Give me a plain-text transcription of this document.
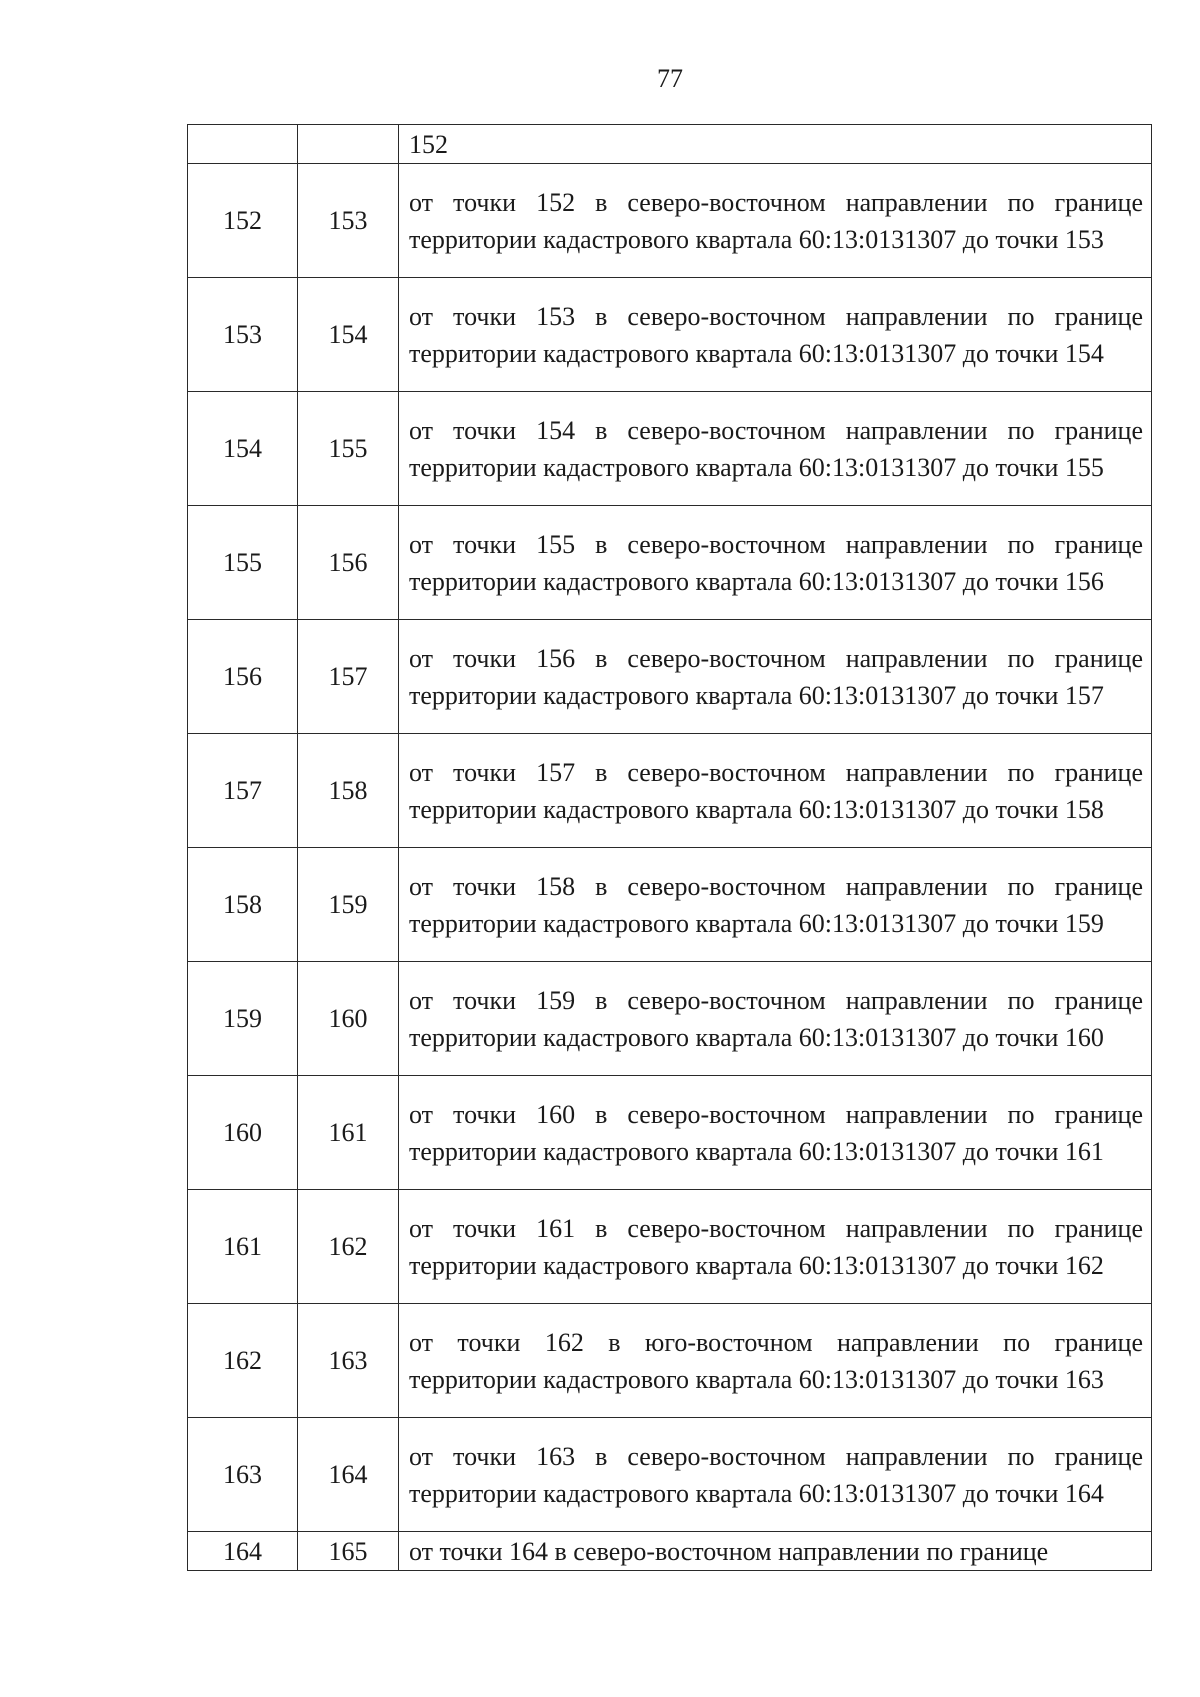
77
		152
152	153	от точки 152 в северо-восточном направлении по границе территории кадастрового квартала 60:13:0131307 до точки 153
153	154	от точки 153 в северо-восточном направлении по границе территории кадастрового квартала 60:13:0131307 до точки 154
154	155	от точки 154 в северо-восточном направлении по границе территории кадастрового квартала 60:13:0131307 до точки 155
155	156	от точки 155 в северо-восточном направлении по границе территории кадастрового квартала 60:13:0131307 до точки 156
156	157	от точки 156 в северо-восточном направлении по границе территории кадастрового квартала 60:13:0131307 до точки 157
157	158	от точки 157 в северо-восточном направлении по границе территории кадастрового квартала 60:13:0131307 до точки 158
158	159	от точки 158 в северо-восточном направлении по границе территории кадастрового квартала 60:13:0131307 до точки 159
159	160	от точки 159 в северо-восточном направлении по границе территории кадастрового квартала 60:13:0131307 до точки 160
160	161	от точки 160 в северо-восточном направлении по границе территории кадастрового квартала 60:13:0131307 до точки 161
161	162	от точки 161 в северо-восточном направлении по границе территории кадастрового квартала 60:13:0131307 до точки 162
162	163	от точки 162 в юго-восточном направлении по границе территории кадастрового квартала 60:13:0131307 до точки 163
163	164	от точки 163 в северо-восточном направлении по границе территории кадастрового квартала 60:13:0131307 до точки 164
164	165	от точки 164 в северо-восточном направлении по границе
